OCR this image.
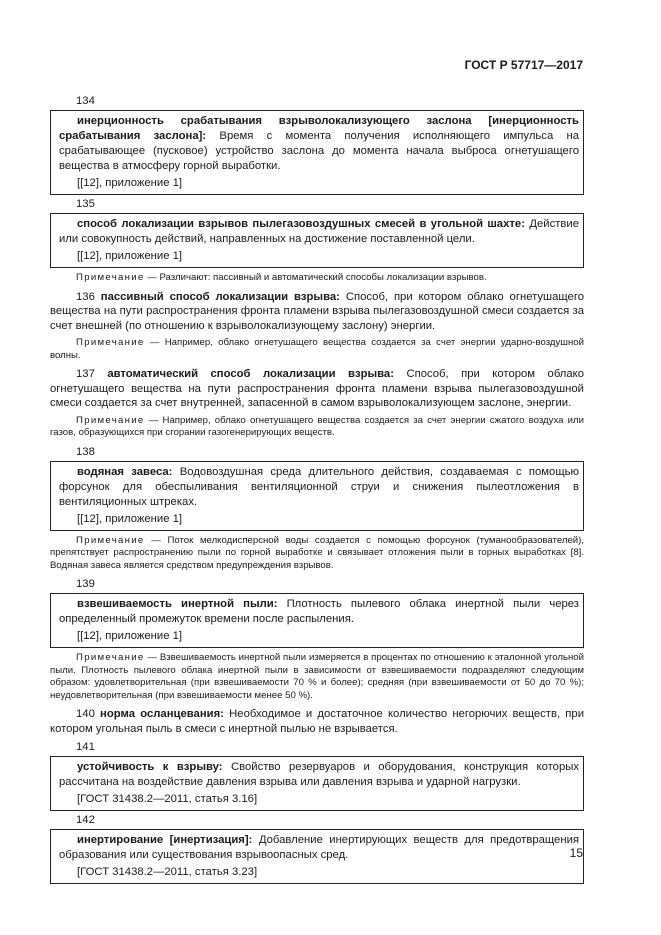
ГОСТ Р 57717—2017
134

инерционность срабатывания взрыволокализующего заслона [инерционность срабатывания заслона]: Время с момента получения исполняющего импульса на срабатывающее (пусковое) устройство заслона до момента начала выброса огнетушащего вещества в атмосферу горной выработки.

[[12], приложение 1]

135

способ локализации взрывов пылегазовоздушных смесей в угольной шахте: Действие или совокупность действий, направленных на достижение поставленной цели.

[[12], приложение 1]

Примечание — Различают: пассивный и автоматический способы локализации взрывов.
136 пассивный способ локализации взрыва: Способ, при котором облако огнетушащего вещества на пути распространения фронта пламени взрыва пылегазовоздушной смеси создается за счет внешней (по отношению к взрыволокализующему заслону) энергии.
Примечание — Например, облако огнетушащего вещества создается за счет энергии ударно-воздушной волны.
137 автоматический способ локализации взрыва: Способ, при котором облако огнетушащего вещества на пути распространения фронта пламени взрыва пылегазовоздушной смеси создается за счет внутренней, запасенной в самом взрыволокализующем заслоне, энергии.
Примечание — Например, облако огнетушащего вещества создается за счет энергии сжатого воздуха или газов, образующихся при сгорании газогенерирующих веществ.
138

водяная завеса: Водовоздушная среда длительного действия, создаваемая с помощью форсунок для обеспыливания вентиляционной струи и снижения пылеотложения в вентиляционных штреках.

[[12], приложение 1]

Примечание — Поток мелкодисперсной воды создается с помощью форсунок (туманообразователей), препятствует распространению пыли по горной выработке и связывает отложения пыли в горных выработках [8]. Водяная завеса является средством предупреждения взрывов.
139

взвешиваемость инертной пыли: Плотность пылевого облака инертной пыли через определенный промежуток времени после распыления.

[[12], приложение 1]

Примечание — Взвешиваемость инертной пыли измеряется в процентах по отношению к эталонной угольной пыли. Плотность пылевого облака инертной пыли в зависимости от взвешиваемости подразделяют следующим образом: удовлетворительная (при взвешиваемости 70 % и более); средняя (при взвешиваемости от 50 до 70 %); неудовлетворительная (при взвешиваемости менее 50 %).
140 норма осланцевания: Необходимое и достаточное количество негорючих веществ, при котором угольная пыль в смеси с инертной пылью не взрывается.
141

устойчивость к взрыву: Свойство резервуаров и оборудования, конструкция которых рассчитана на воздействие давления взрыва или давления взрыва и ударной нагрузки.

[ГОСТ 31438.2—2011, статья 3.16]

142

инертирование [инертизация]: Добавление инертирующих веществ для предотвращения образования или существования взрывоопасных сред.

[ГОСТ 31438.2—2011, статья 3.23]

15
